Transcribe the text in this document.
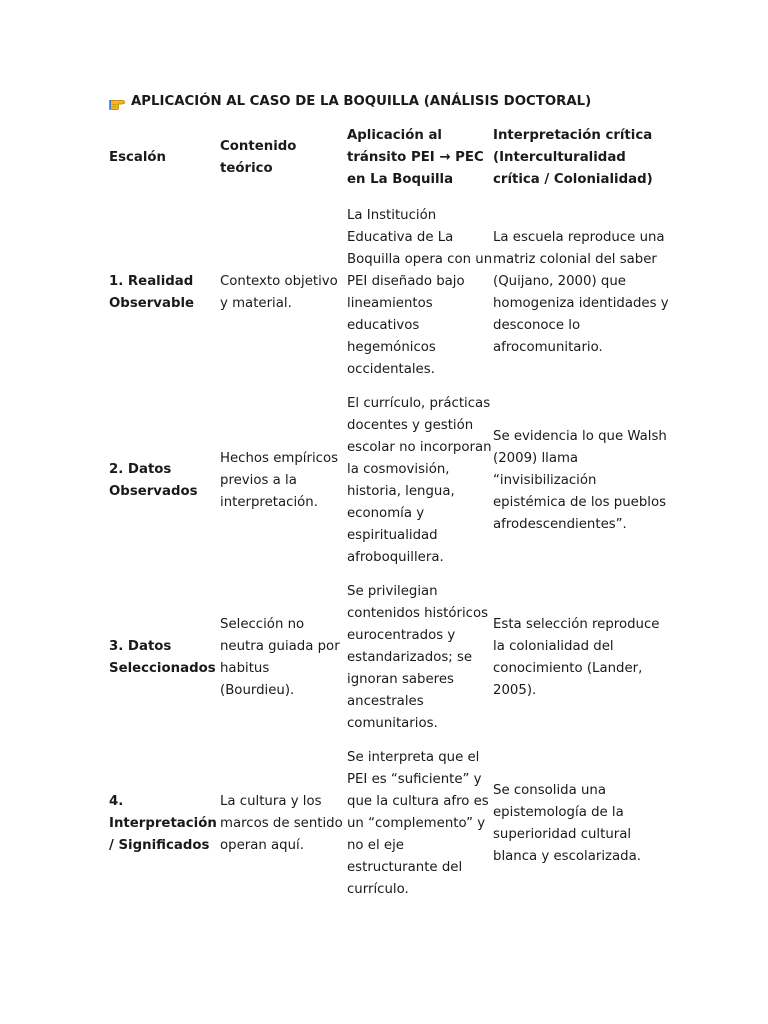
APLICACIÓN AL CASO DE LA BOQUILLA (ANÁLISIS DOCTORAL)
Escalón	Contenido teórico	Aplicación al tránsito PEI → PEC en La Boquilla	Interpretación crítica (Interculturalidad crítica / Colonialidad)
1. Realidad Observable	Contexto objetivo y material.	La Institución Educativa de La Boquilla opera con un PEI diseñado bajo lineamientos educativos hegemónicos occidentales.	La escuela reproduce una matriz colonial del saber (Quijano, 2000) que homogeniza identidades y desconoce lo afrocomunitario.
2. Datos Observados	Hechos empíricos previos a la interpretación.	El currículo, prácticas docentes y gestión escolar no incorporan la cosmovisión, historia, lengua, economía y espiritualidad afroboquillera.	Se evidencia lo que Walsh (2009) llama “invisibilización epistémica de los pueblos afrodescendientes”.
3. Datos Seleccionados	Selección no neutra guiada por habitus (Bourdieu).	Se privilegian contenidos históricos eurocentrados y estandarizados; se ignoran saberes ancestrales comunitarios.	Esta selección reproduce la colonialidad del conocimiento (Lander, 2005).
4. Interpretación / Significados	La cultura y los marcos de sentido operan aquí.	Se interpreta que el PEI es “suficiente” y que la cultura afro es un “complemento” y no el eje estructurante del currículo.	Se consolida una epistemología de la superioridad cultural blanca y escolarizada.
